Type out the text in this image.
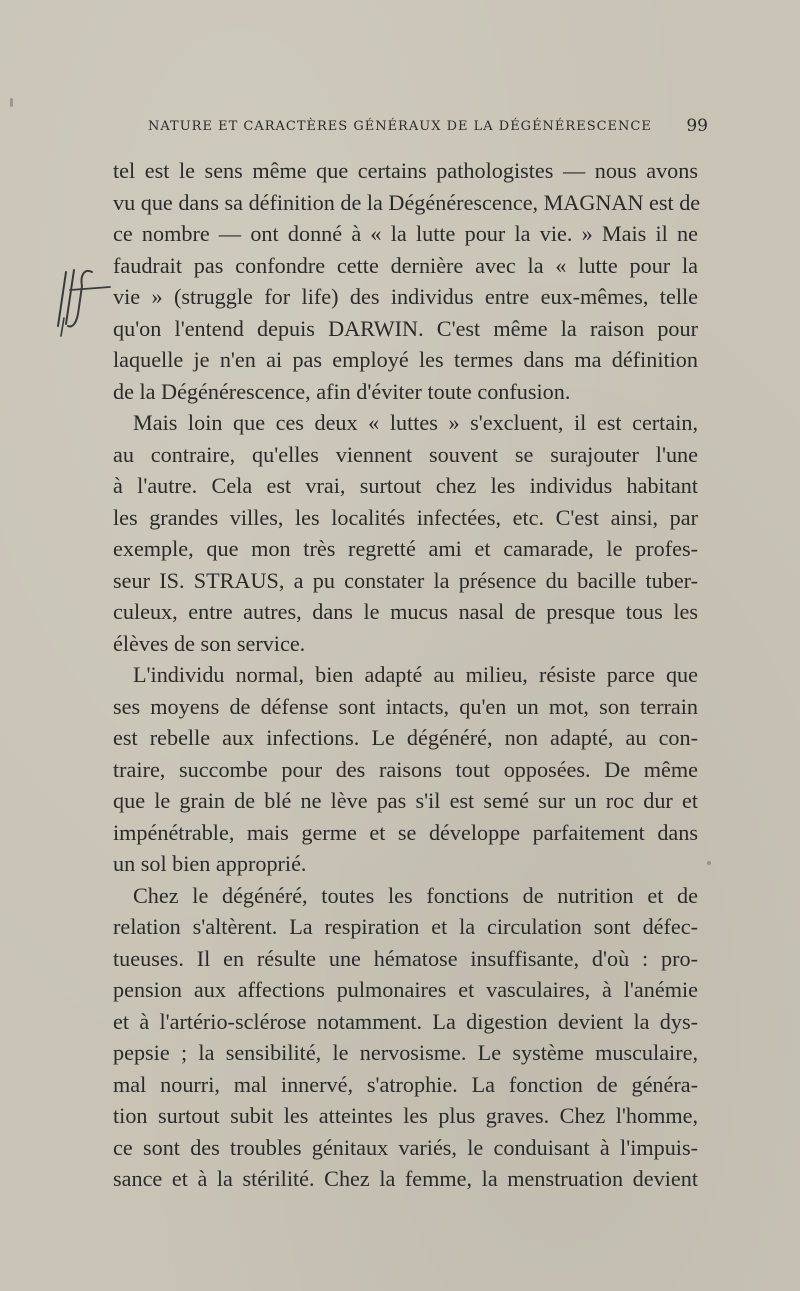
NATURE ET CARACTÈRES GÉNÉRAUX DE LA DÉGÉNÉRESCENCE 99
tel est le sens même que certains pathologistes — nous avons
vu que dans sa définition de la Dégénérescence, MAGNAN est de
ce nombre — ont donné à « la lutte pour la vie. » Mais il ne
faudrait pas confondre cette dernière avec la « lutte pour la
vie » (struggle for life) des individus entre eux-mêmes, telle
qu'on l'entend depuis DARWIN. C'est même la raison pour
laquelle je n'en ai pas employé les termes dans ma définition
de la Dégénérescence, afin d'éviter toute confusion.
Mais loin que ces deux « luttes » s'excluent, il est certain,
au contraire, qu'elles viennent souvent se surajouter l'une
à l'autre. Cela est vrai, surtout chez les individus habitant
les grandes villes, les localités infectées, etc. C'est ainsi, par
exemple, que mon très regretté ami et camarade, le profes-
seur IS. STRAUS, a pu constater la présence du bacille tuber-
culeux, entre autres, dans le mucus nasal de presque tous les
élèves de son service.
L'individu normal, bien adapté au milieu, résiste parce que
ses moyens de défense sont intacts, qu'en un mot, son terrain
est rebelle aux infections. Le dégénéré, non adapté, au con-
traire, succombe pour des raisons tout opposées. De même
que le grain de blé ne lève pas s'il est semé sur un roc dur et
impénétrable, mais germe et se développe parfaitement dans
un sol bien approprié.
Chez le dégénéré, toutes les fonctions de nutrition et de
relation s'altèrent. La respiration et la circulation sont défec-
tueuses. Il en résulte une hématose insuffisante, d'où : pro-
pension aux affections pulmonaires et vasculaires, à l'anémie
et à l'artério-sclérose notamment. La digestion devient la dys-
pepsie ; la sensibilité, le nervosisme. Le système musculaire,
mal nourri, mal innervé, s'atrophie. La fonction de généra-
tion surtout subit les atteintes les plus graves. Chez l'homme,
ce sont des troubles génitaux variés, le conduisant à l'impuis-
sance et à la stérilité. Chez la femme, la menstruation devient
